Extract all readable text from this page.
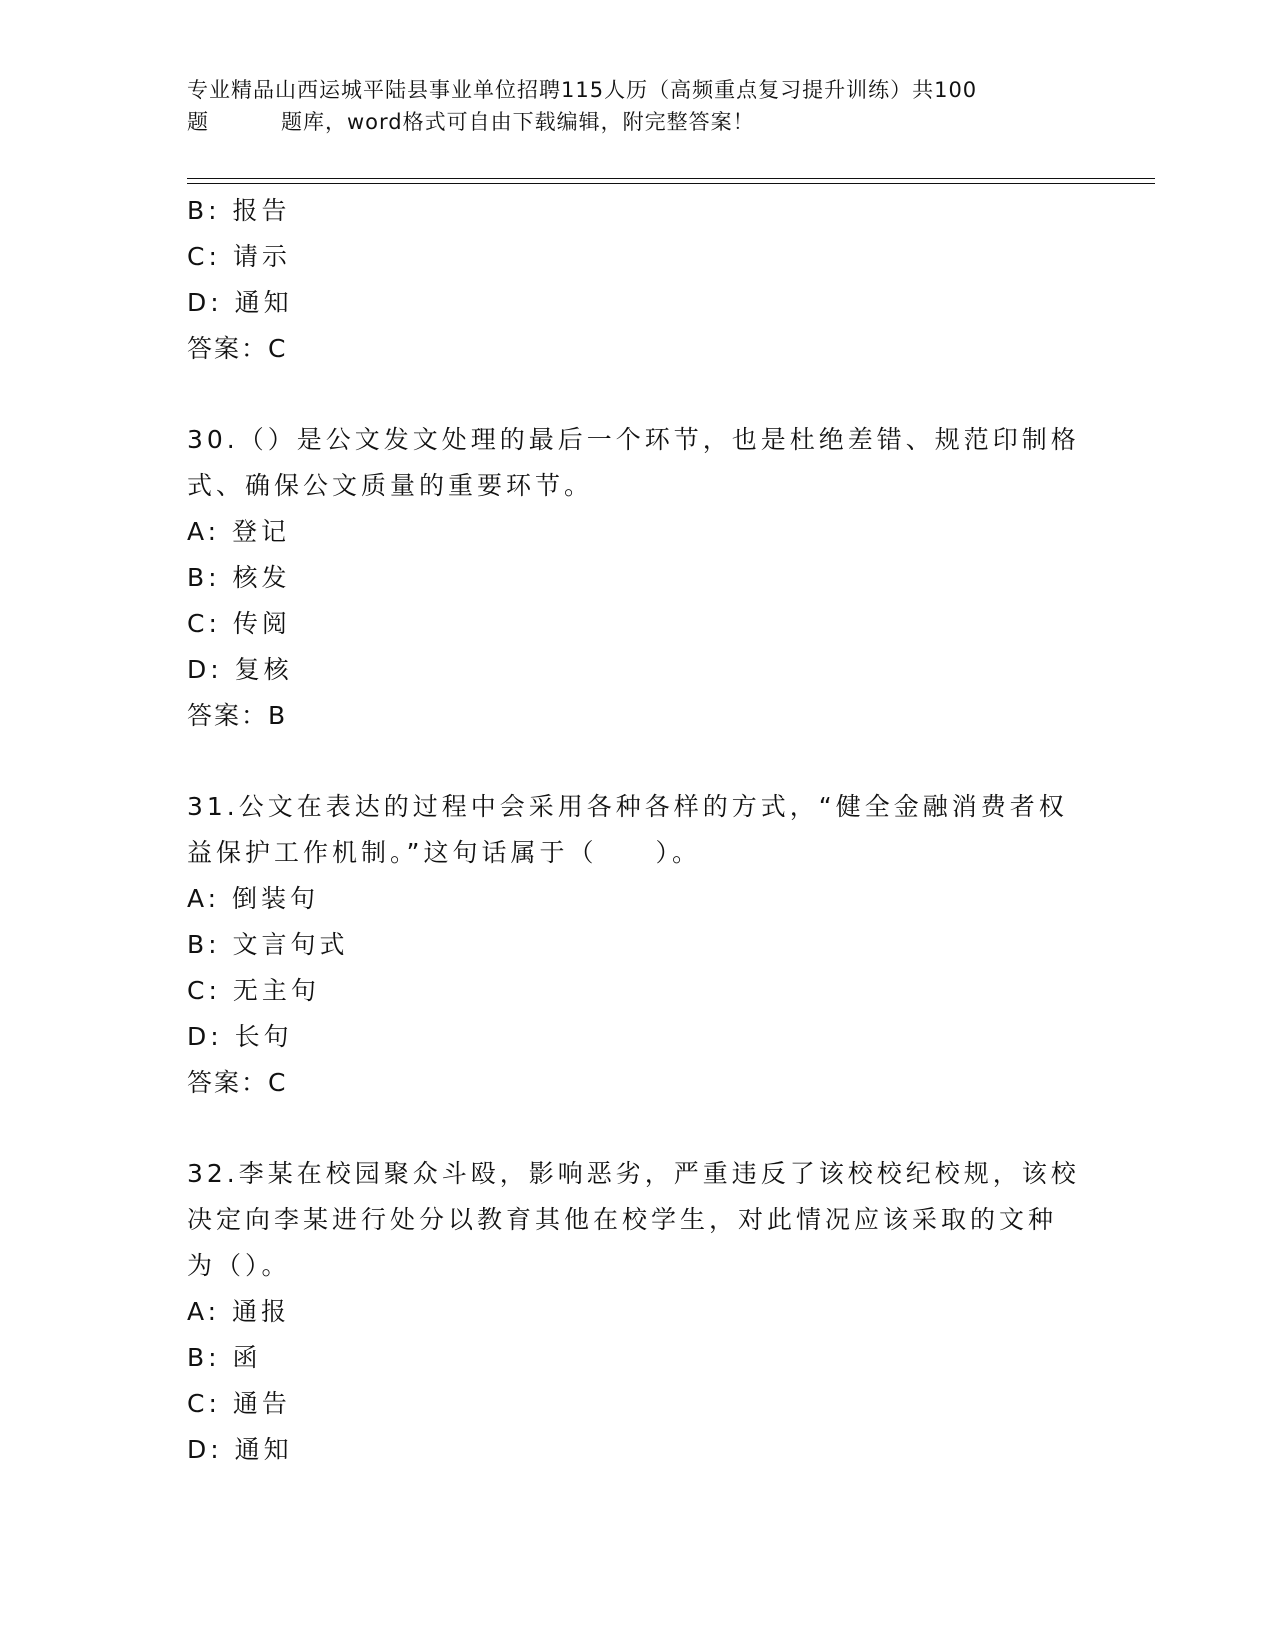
专业精品山西运城平陆县事业单位招聘115人历（高频重点复习提升训练）共100
题	题库，word格式可自由下载编辑，附完整答案！
B: 报告
C: 请示
D: 通知
答案：C
30.（）是公文发文处理的最后一个环节，也是杜绝差错、规范印制格
式、确保公文质量的重要环节。
A: 登记
B: 核发
C: 传阅
D: 复核
答案：B
31.公文在表达的过程中会采用各种各样的方式，“健全金融消费者权
益保护工作机制。”这句话属于（　　）。
A: 倒装句
B: 文言句式
C: 无主句
D: 长句
答案：C
32.李某在校园聚众斗殴，影响恶劣，严重违反了该校校纪校规，该校
决定向李某进行处分以教育其他在校学生，对此情况应该采取的文种
为（）。
A: 通报
B: 函
C: 通告
D: 通知
